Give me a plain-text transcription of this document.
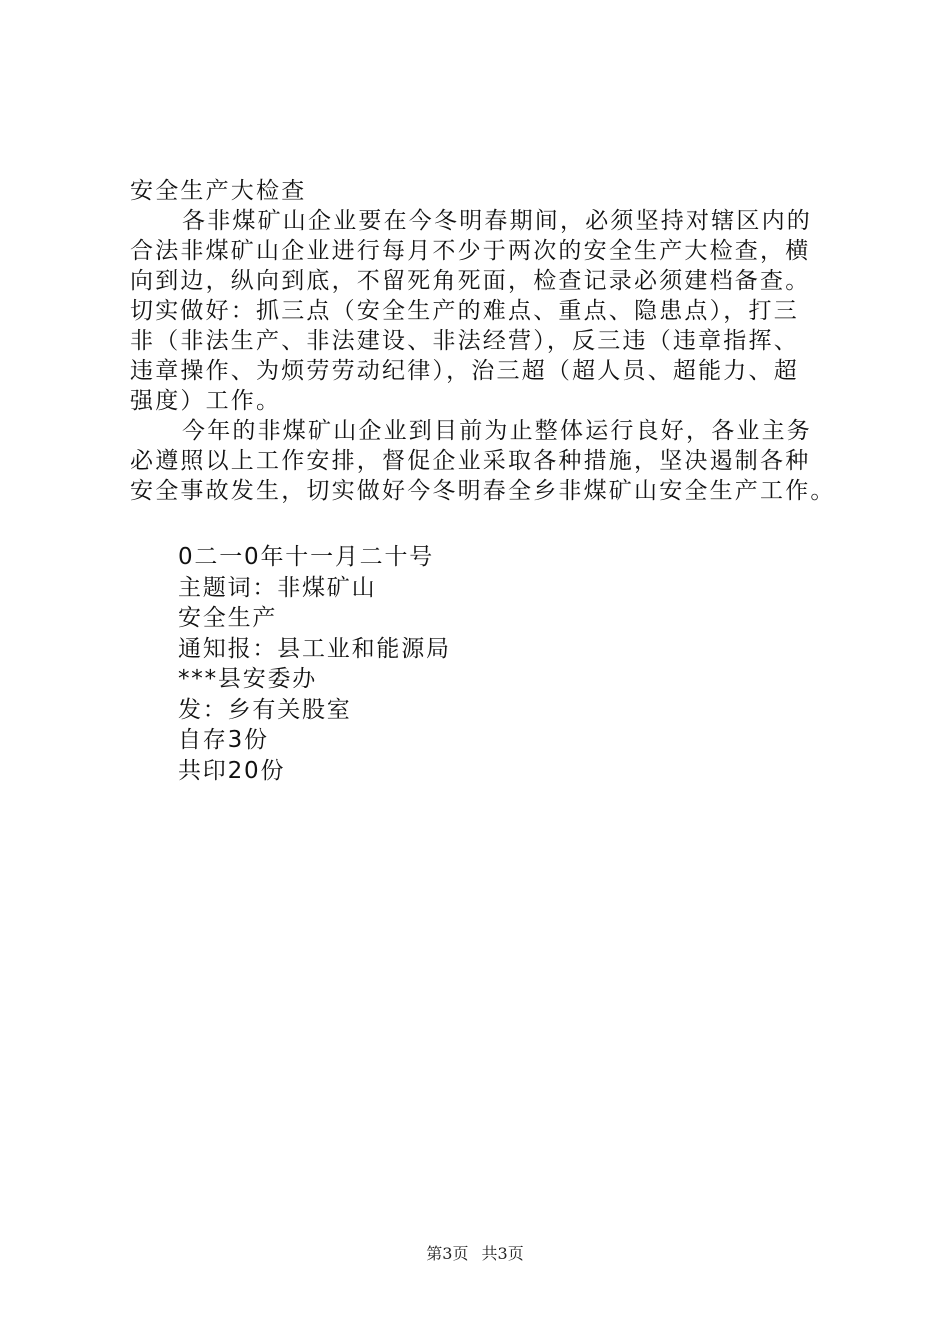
安全生产大检查
各非煤矿山企业要在今冬明春期间，必须坚持对辖区内的
合法非煤矿山企业进行每月不少于两次的安全生产大检查，横
向到边，纵向到底，不留死角死面，检查记录必须建档备查。
切实做好：抓三点（安全生产的难点、重点、隐患点），打三
非（非法生产、非法建设、非法经营），反三违（违章指挥、
违章操作、为烦劳劳动纪律），治三超（超人员、超能力、超
强度）工作。
今年的非煤矿山企业到目前为止整体运行良好，各业主务
必遵照以上工作安排，督促企业采取各种措施，坚决遏制各种
安全事故发生，切实做好今冬明春全乡非煤矿山安全生产工作。
0二一0年十一月二十号
主题词：非煤矿山
安全生产
通知报：县工业和能源局
***县安委办
发：乡有关股室
自存3份
共印20份
第3页 共3页
